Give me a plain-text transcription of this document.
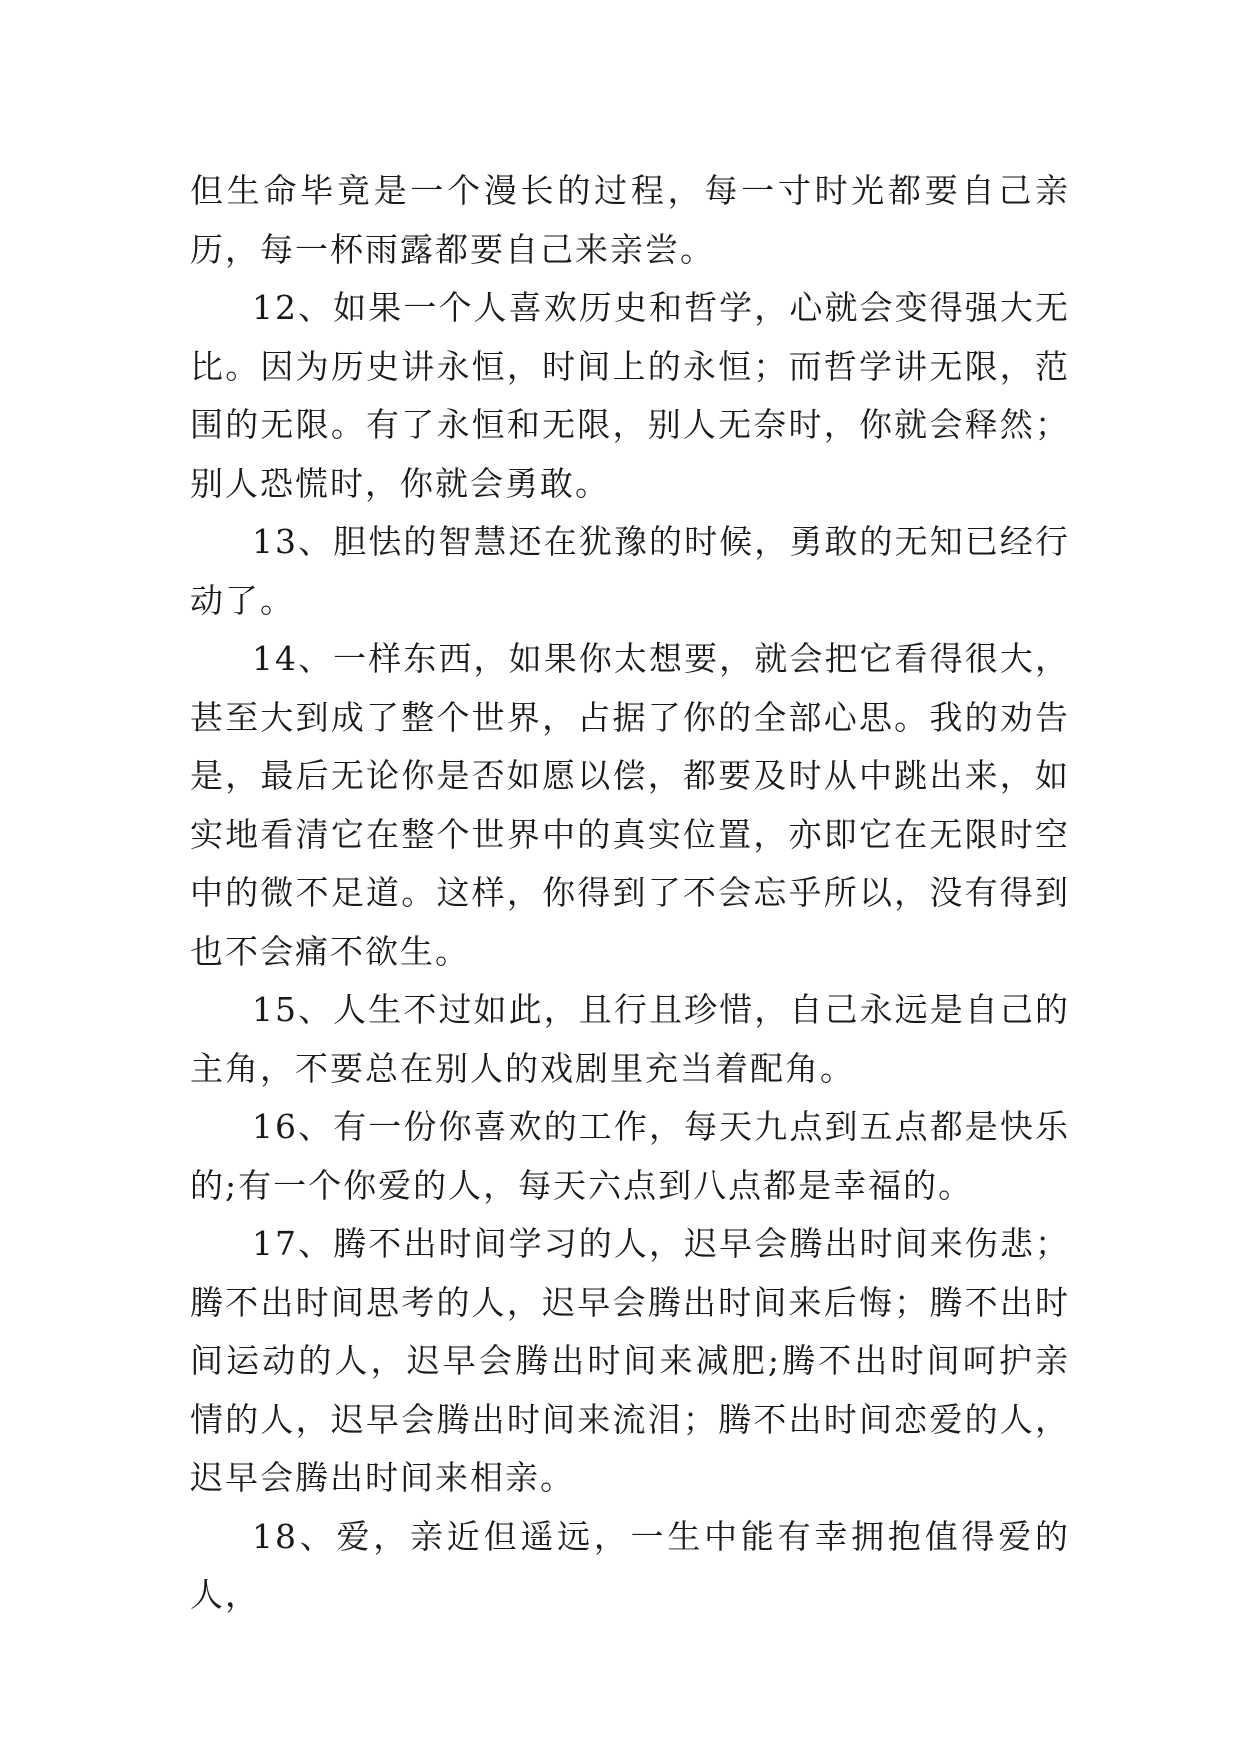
但生命毕竟是一个漫长的过程，每一寸时光都要自己亲历，每一杯雨露都要自己来亲尝。

12、如果一个人喜欢历史和哲学，心就会变得强大无比。因为历史讲永恒，时间上的永恒；而哲学讲无限，范围的无限。有了永恒和无限，别人无奈时，你就会释然；别人恐慌时，你就会勇敢。

13、胆怯的智慧还在犹豫的时候，勇敢的无知已经行动了。

14、一样东西，如果你太想要，就会把它看得很大，甚至大到成了整个世界，占据了你的全部心思。我的劝告是，最后无论你是否如愿以偿，都要及时从中跳出来，如实地看清它在整个世界中的真实位置，亦即它在无限时空中的微不足道。这样，你得到了不会忘乎所以，没有得到也不会痛不欲生。

15、人生不过如此，且行且珍惜，自己永远是自己的主角，不要总在别人的戏剧里充当着配角。

16、有一份你喜欢的工作，每天九点到五点都是快乐的;有一个你爱的人，每天六点到八点都是幸福的。

17、腾不出时间学习的人，迟早会腾出时间来伤悲；腾不出时间思考的人，迟早会腾出时间来后悔；腾不出时间运动的人，迟早会腾出时间来减肥;腾不出时间呵护亲情的人，迟早会腾出时间来流泪；腾不出时间恋爱的人，迟早会腾出时间来相亲。

18、爱，亲近但遥远，一生中能有幸拥抱值得爱的人，
